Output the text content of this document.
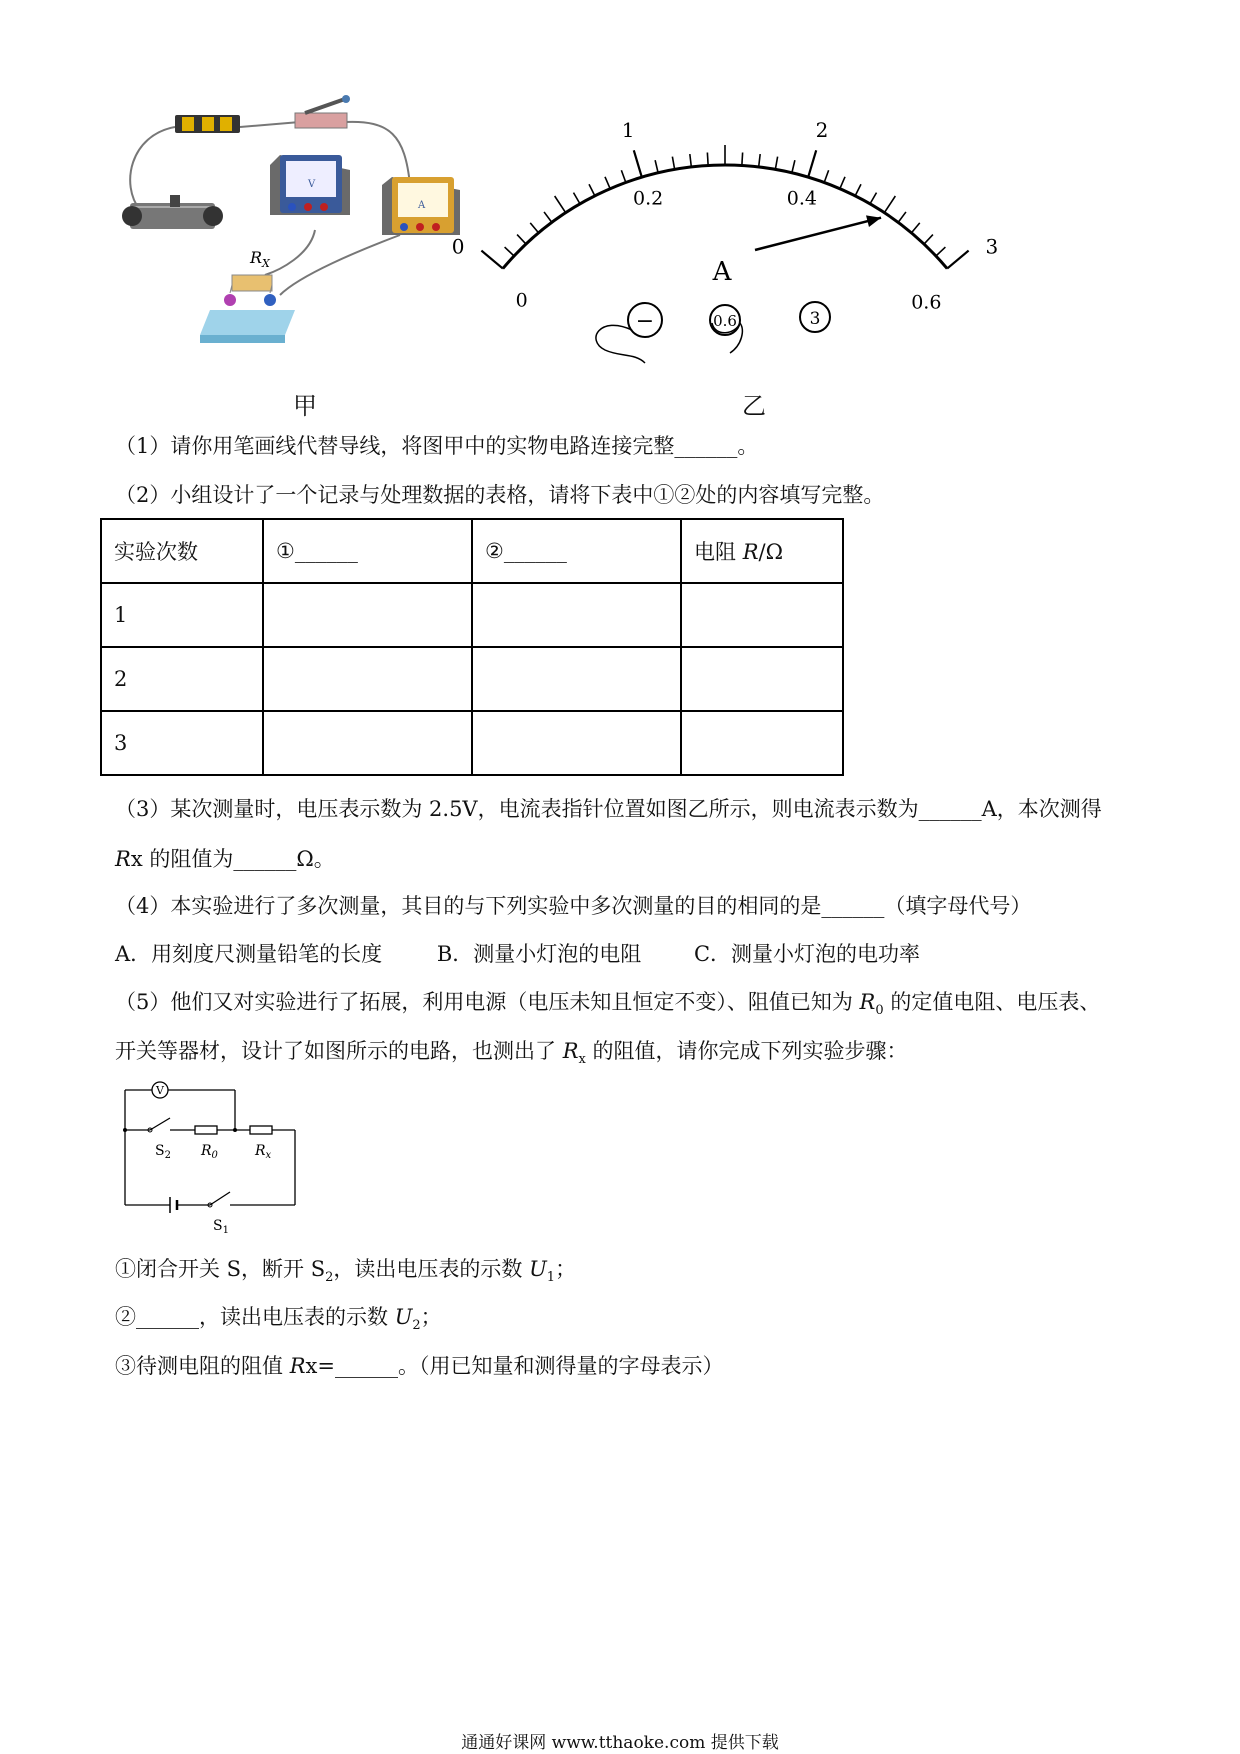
V
A
$R_X$
甲
0
1	2
3
0
0.2	0.4
0.6
A
−	0.6	3
乙
（1）请你用笔画线代替导线，将图甲中的实物电路连接完整______。
（2）小组设计了一个记录与处理数据的表格，请将下表中①②处的内容填写完整。
实验次数	①______	②______	电阻 R/Ω
1			
2			
3			
（3）某次测量时，电压表示数为 2.5V，电流表指针位置如图乙所示，则电流表示数为______A，本次测得
Rx 的阻值为______Ω。
（4）本实验进行了多次测量，其目的与下列实验中多次测量的目的相同的是______（填字母代号）
A．用刻度尺测量铅笔的长度	B．测量小灯泡的电阻	C．测量小灯泡的电功率
（5）他们又对实验进行了拓展，利用电源（电压未知且恒定不变）、阻值已知为 $R_0$ 的定值电阻、电压表、
开关等器材，设计了如图所示的电路，也测出了 $R_x$ 的阻值，请你完成下列实验步骤：
V
$S_2$ $R_0$	$R_x$
$S_1$
①闭合开关 S，断开 $S_2$，读出电压表的示数 $U_1$；
②______，读出电压表的示数 $U_2$；
③待测电阻的阻值 Rx=______。（用已知量和测得量的字母表示）
通通好课网 www.tthaoke.com 提供下载
